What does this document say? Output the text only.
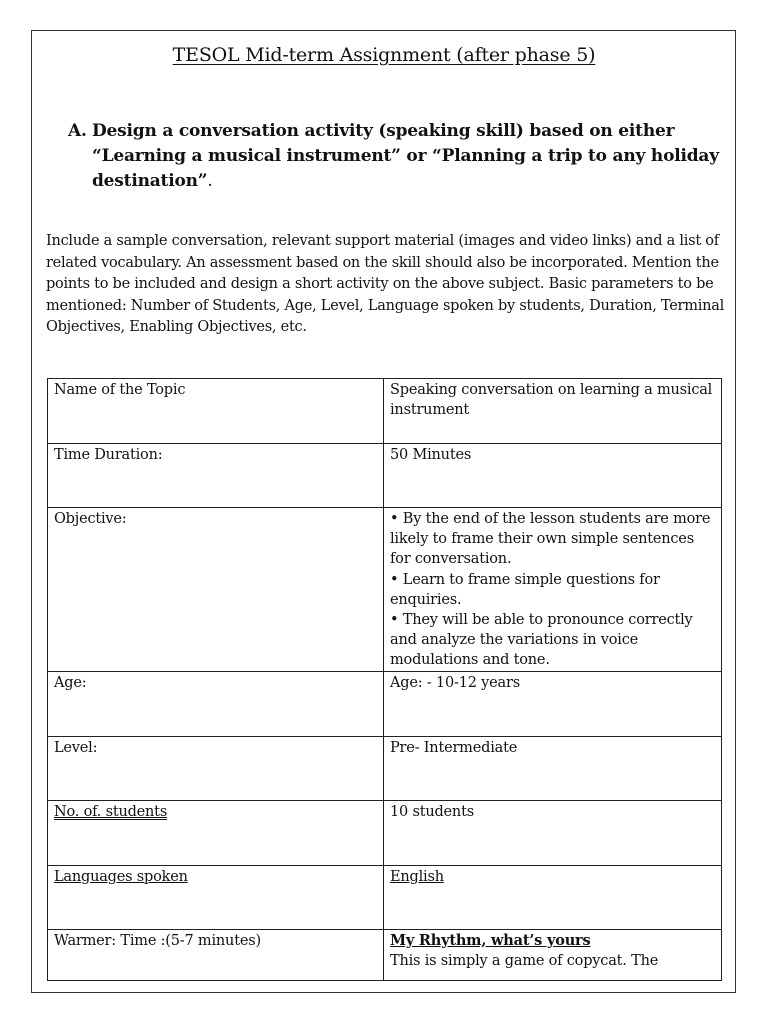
TESOL Mid-term Assignment (after phase 5)
A. Design a conversation activity (speaking skill) based on either “Learning a musical instrument” or “Planning a trip to any holiday destination”.
Include a sample conversation, relevant support material (images and video links) and a list of related vocabulary. An assessment based on the skill should also be incorporated. Mention the points to be included and design a short activity on the above subject. Basic parameters to be mentioned: Number of Students, Age, Level, Language spoken by students, Duration, Terminal Objectives, Enabling Objectives, etc.
Name of the Topic	Speaking conversation on learning a musical instrument
Time Duration:	50 Minutes
Objective:	• By the end of the lesson students are more likely to frame their own simple sentences for conversation.
• Learn to frame simple questions for enquiries.
• They will be able to pronounce correctly and analyze the variations in voice modulations and tone.

Age:	Age: - 10-12 years
Level:	Pre- Intermediate
No. of. students	10 students
Languages spoken	English
Warmer: Time :(5-7 minutes)	My Rhythm, what’s yours
This is simply a game of copycat. The
